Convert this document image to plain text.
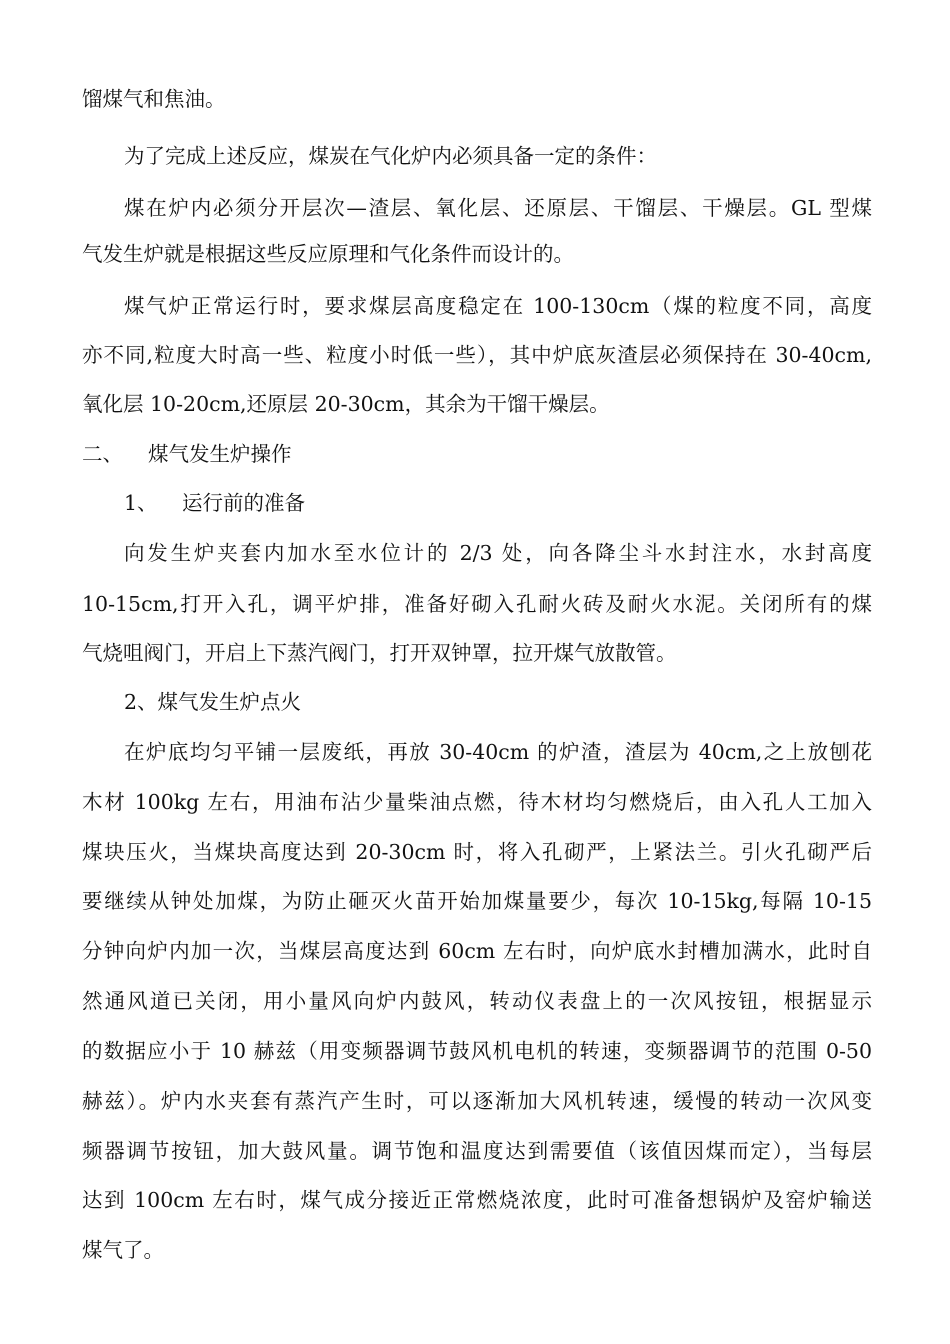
馏煤气和焦油。
为了完成上述反应，煤炭在气化炉内必须具备一定的条件：
煤在炉内必须分开层次—渣层、氧化层、还原层、干馏层、干燥层。GL 型煤
气发生炉就是根据这些反应原理和气化条件而设计的。
煤气炉正常运行时，要求煤层高度稳定在 100-130cm（煤的粒度不同，高度
亦不同,粒度大时高一些、粒度小时低一些），其中炉底灰渣层必须保持在 30-40cm,
氧化层 10-20cm,还原层 20-30cm，其余为干馏干燥层。
二、 煤气发生炉操作
1、 运行前的准备
向发生炉夹套内加水至水位计的 2/3 处，向各降尘斗水封注水，水封高度
10-15cm,打开入孔，调平炉排，准备好砌入孔耐火砖及耐火水泥。关闭所有的煤
气烧咀阀门，开启上下蒸汽阀门，打开双钟罩，拉开煤气放散管。
2、煤气发生炉点火
在炉底均匀平铺一层废纸，再放 30-40cm 的炉渣，渣层为 40cm,之上放刨花
木材 100kg 左右，用油布沾少量柴油点燃，待木材均匀燃烧后，由入孔人工加入
煤块压火，当煤块高度达到 20-30cm 时，将入孔砌严，上紧法兰。引火孔砌严后
要继续从钟处加煤，为防止砸灭火苗开始加煤量要少，每次 10-15kg,每隔 10-15
分钟向炉内加一次，当煤层高度达到 60cm 左右时，向炉底水封槽加满水，此时自
然通风道已关闭，用小量风向炉内鼓风，转动仪表盘上的一次风按钮，根据显示
的数据应小于 10 赫兹（用变频器调节鼓风机电机的转速，变频器调节的范围 0-50
赫兹）。炉内水夹套有蒸汽产生时，可以逐渐加大风机转速，缓慢的转动一次风变
频器调节按钮，加大鼓风量。调节饱和温度达到需要值（该值因煤而定），当每层
达到 100cm 左右时，煤气成分接近正常燃烧浓度，此时可准备想锅炉及窑炉输送
煤气了。
